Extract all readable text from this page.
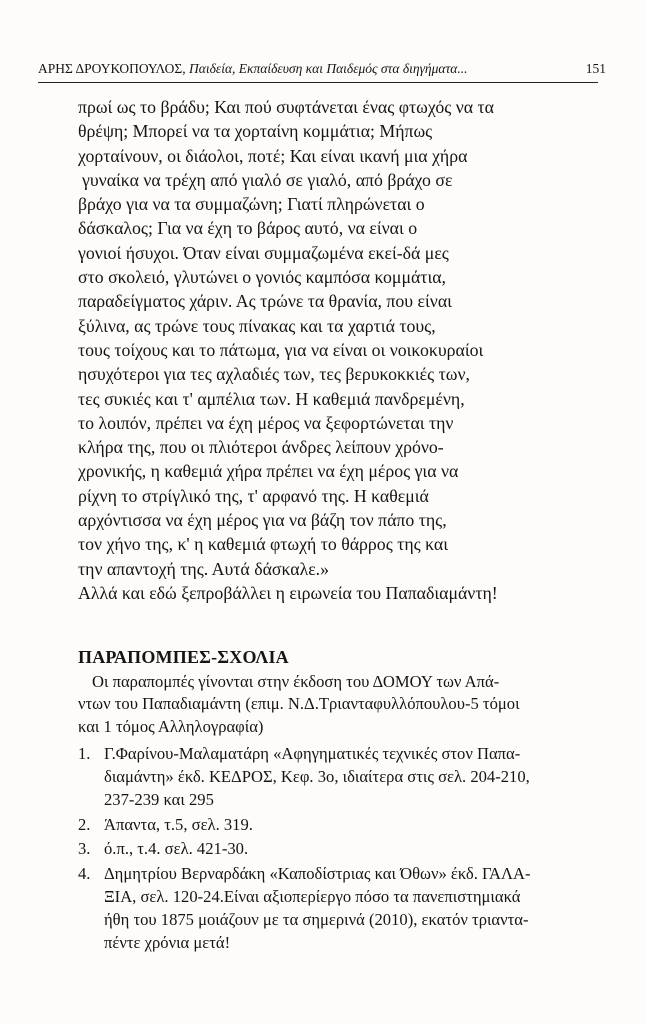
ΑΡΗΣ ΔΡΟΥΚΟΠΟΥΛΟΣ, Παιδεία, Εκπαίδευση και Παιδεμός στα διηγήματα...	151
πρωί ως το βράδυ; Και πού συφτάνεται ένας φτωχός να τα
θρέψη; Μπορεί να τα χορταίνη κομμάτια; Μήπως
χορταίνουν, οι διάολοι, ποτέ; Και είναι ικανή μια χήρα
γυναίκα να τρέχη από γιαλό σε γιαλό, από βράχο σε
βράχο για να τα συμμαζώνη; Γιατί πληρώνεται ο
δάσκαλος; Για να έχη το βάρος αυτό, να είναι ο
γονιοί ήσυχοι. Όταν είναι συμμαζωμένα εκεί-δά μες
στο σκολειό, γλυτώνει ο γονιός καμπόσα κομμάτια,
παραδείγματος χάριν. Ας τρώνε τα θρανία, που είναι
ξύλινα, ας τρώνε τους πίνακας και τα χαρτιά τους,
τους τοίχους και το πάτωμα, για να είναι οι νοικοκυραίοι
ησυχότεροι για τες αχλαδιές των, τες βερυκοκκιές των,
τες συκιές και τ' αμπέλια των. Η καθεμιά πανδρεμένη,
το λοιπόν, πρέπει να έχη μέρος να ξεφορτώνεται την
κλήρα της, που οι πλιότεροι άνδρες λείπουν χρόνο-
χρονικής, η καθεμιά χήρα πρέπει να έχη μέρος για να
ρίχνη το στρίγλικό της, τ' αρφανό της. Η καθεμιά
αρχόντισσα να έχη μέρος για να βάζη τον πάπο της,
τον χήνο της, κ' η καθεμιά φτωχή το θάρρος της και
την απαντοχή της. Αυτά δάσκαλε.»
Αλλά και εδώ ξεπροβάλλει η ειρωνεία του Παπαδιαμάντη!
ΠΑΡΑΠΟΜΠΕΣ-ΣΧΟΛΙΑ
Οι παραπομπές γίνονται στην έκδοση του ΔΟΜΟΥ των Απά-
ντων του Παπαδιαμάντη (επιμ. Ν.Δ.Τριανταφυλλόπουλου-5 τόμοι
και 1 τόμος Αλληλογραφία)
1. Γ.Φαρίνου-Μαλαματάρη «Αφηγηματικές τεχνικές στον Παπα-
διαμάντη» έκδ. ΚΕΔΡΟΣ, Κεφ. 3ο, ιδιαίτερα στις σελ. 204-210,
237-239 και 295
2. Άπαντα, τ.5, σελ. 319.
3. ό.π., τ.4. σελ. 421-30.
4. Δημητρίου Βερναρδάκη «Καποδίστριας και Όθων» έκδ. ΓΑΛΑ-
ΞΙΑ, σελ. 120-24.Είναι αξιοπερίεργο πόσο τα πανεπιστημιακά
ήθη του 1875 μοιάζουν με τα σημερινά (2010), εκατόν τριαντα-
πέντε χρόνια μετά!
